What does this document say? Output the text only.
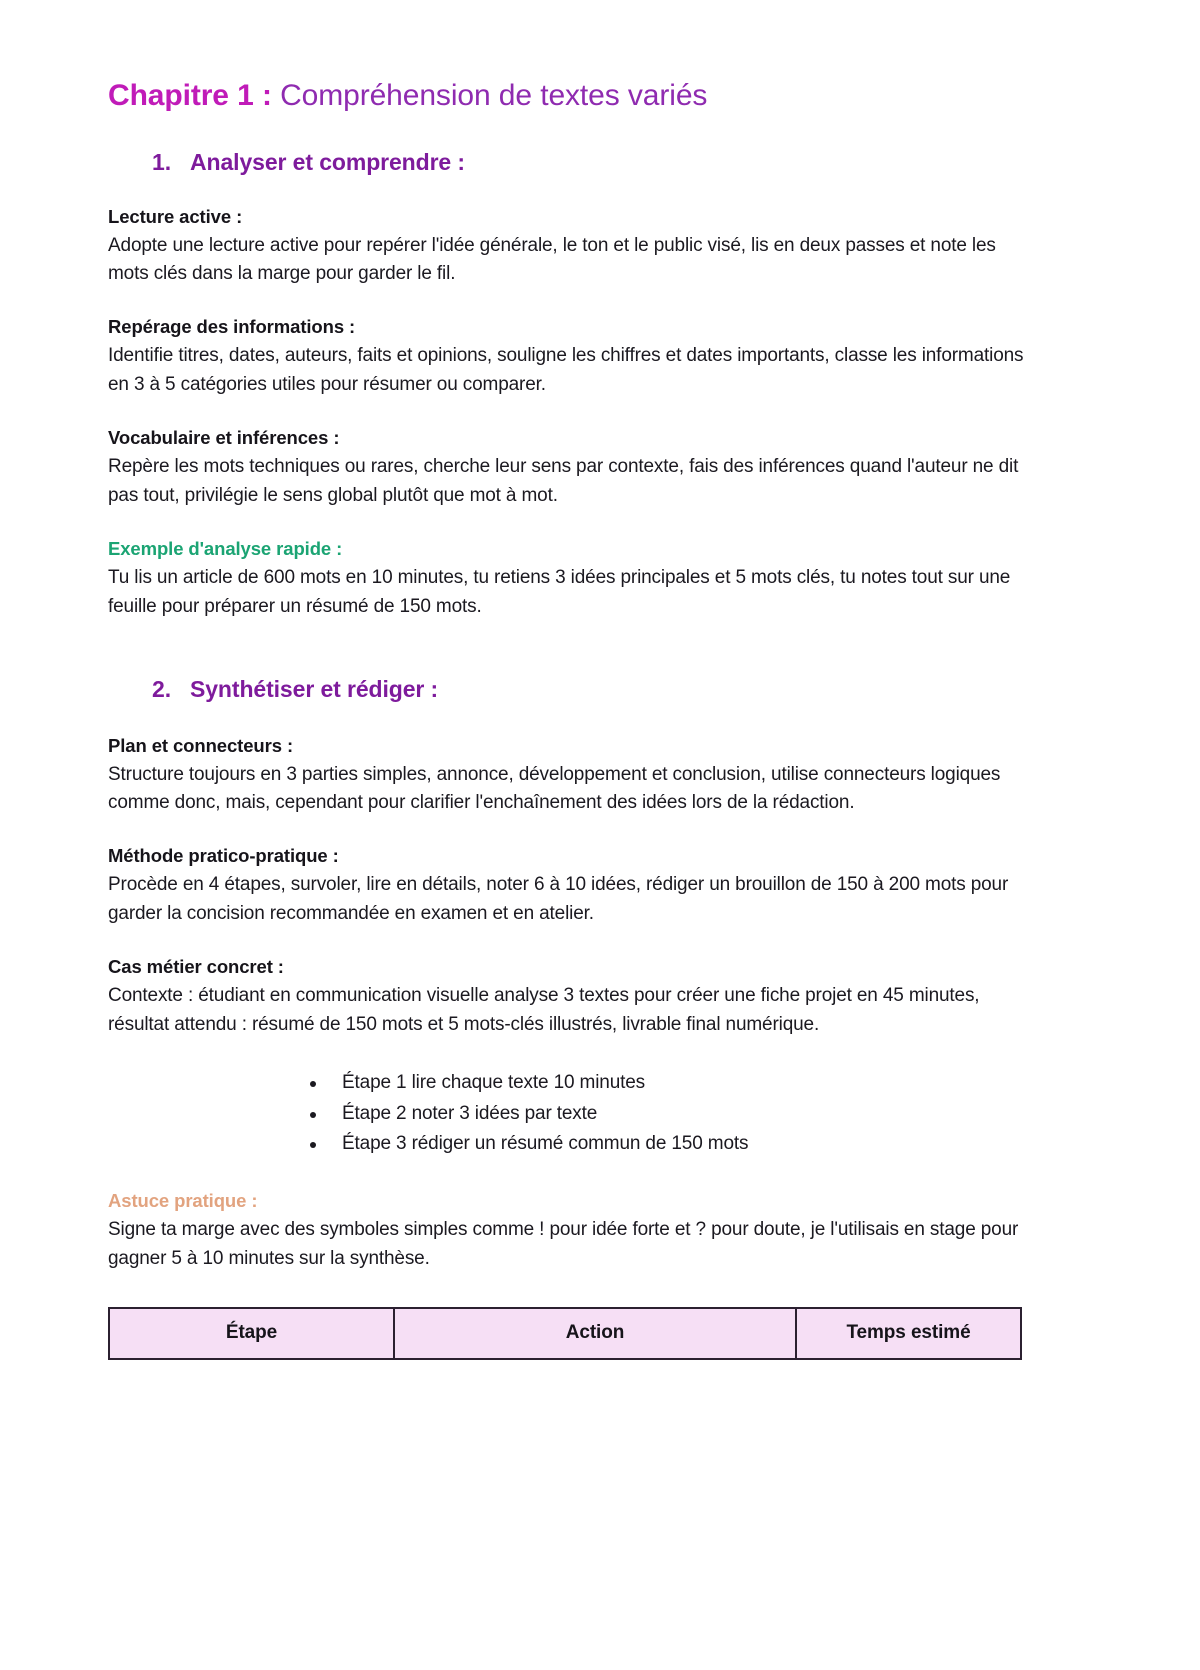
Chapitre 1 : Compréhension de textes variés
1. Analyser et comprendre :
Lecture active :

Adopte une lecture active pour repérer l'idée générale, le ton et le public visé, lis en deux passes et note les mots clés dans la marge pour garder le fil.

Repérage des informations :

Identifie titres, dates, auteurs, faits et opinions, souligne les chiffres et dates importants, classe les informations en 3 à 5 catégories utiles pour résumer ou comparer.

Vocabulaire et inférences :

Repère les mots techniques ou rares, cherche leur sens par contexte, fais des inférences quand l'auteur ne dit pas tout, privilégie le sens global plutôt que mot à mot.

Exemple d'analyse rapide :

Tu lis un article de 600 mots en 10 minutes, tu retiens 3 idées principales et 5 mots clés, tu notes tout sur une feuille pour préparer un résumé de 150 mots.

2. Synthétiser et rédiger :
Plan et connecteurs :

Structure toujours en 3 parties simples, annonce, développement et conclusion, utilise connecteurs logiques comme donc, mais, cependant pour clarifier l'enchaînement des idées lors de la rédaction.

Méthode pratico-pratique :

Procède en 4 étapes, survoler, lire en détails, noter 6 à 10 idées, rédiger un brouillon de 150 à 200 mots pour garder la concision recommandée en examen et en atelier.

Cas métier concret :

Contexte : étudiant en communication visuelle analyse 3 textes pour créer une fiche projet en 45 minutes, résultat attendu : résumé de 150 mots et 5 mots-clés illustrés, livrable final numérique.

Étape 1 lire chaque texte 10 minutes
Étape 2 noter 3 idées par texte
Étape 3 rédiger un résumé commun de 150 mots
Astuce pratique :

Signe ta marge avec des symboles simples comme ! pour idée forte et ? pour doute, je l'utilisais en stage pour gagner 5 à 10 minutes sur la synthèse.

Étape	Action	Temps estimé
